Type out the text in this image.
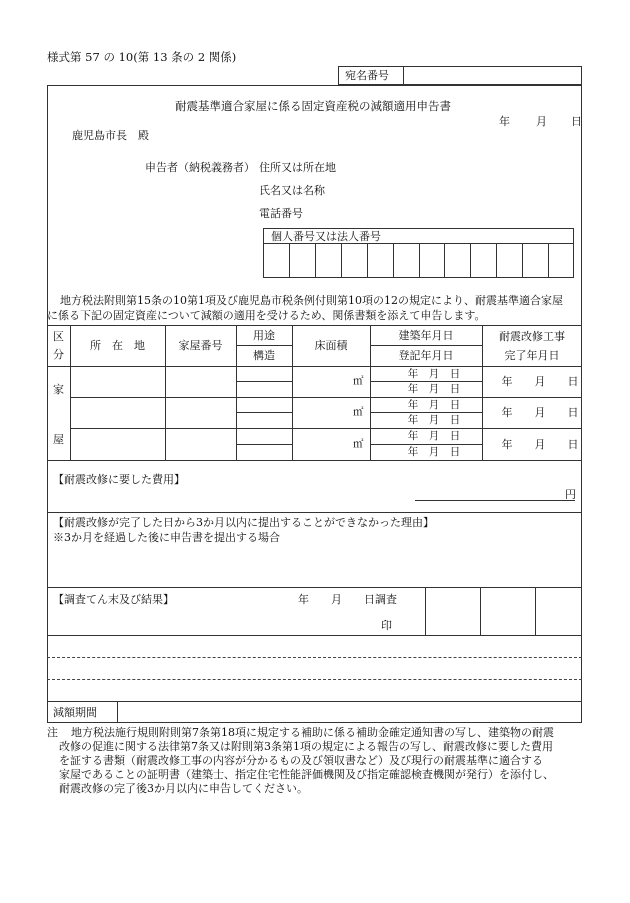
様式第 57 の 10(第 13 条の 2 関係)
宛名番号
耐震基準適合家屋に係る固定資産税の減額適用申告書
年 月 日
鹿児島市長　殿
申告者（納税義務者） 住所又は所在地
氏名又は名称
電話番号
個人番号又は法人番号
地方税法附則第15条の10第1項及び鹿児島市税条例付則第10項の12の規定により、耐震基準適合家屋
に係る下記の固定資産について減額の適用を受けるため、関係書類を添えて申告します。
区
分
所　在　地	家屋番号
用途
構造
床面積
建築年月日
登記年月日
耐震改修工事
完了年月日
家
屋
㎡
㎡
㎡
年　月　日
年　月　日
年　月　日
年　月　日
年　月　日
年　月　日
年　　月　　日
年　　月　　日
年　　月　　日
【耐震改修に要した費用】
円
【耐震改修が完了した日から3か月以内に提出することができなかった理由】
※3か月を経過した後に申告書を提出する場合
【調査てん末及び結果】	年　　月　　日調査
印
減額期間
注 地方税法施行規則附則第7条第18項に規定する補助に係る補助金確定通知書の写し、建築物の耐震
改修の促進に関する法律第7条又は附則第3条第1項の規定による報告の写し、耐震改修に要した費用
を証する書類（耐震改修工事の内容が分かるもの及び領収書など）及び現行の耐震基準に適合する
家屋であることの証明書（建築士、指定住宅性能評価機関及び指定確認検査機関が発行）を添付し、
耐震改修の完了後3か月以内に申告してください。
